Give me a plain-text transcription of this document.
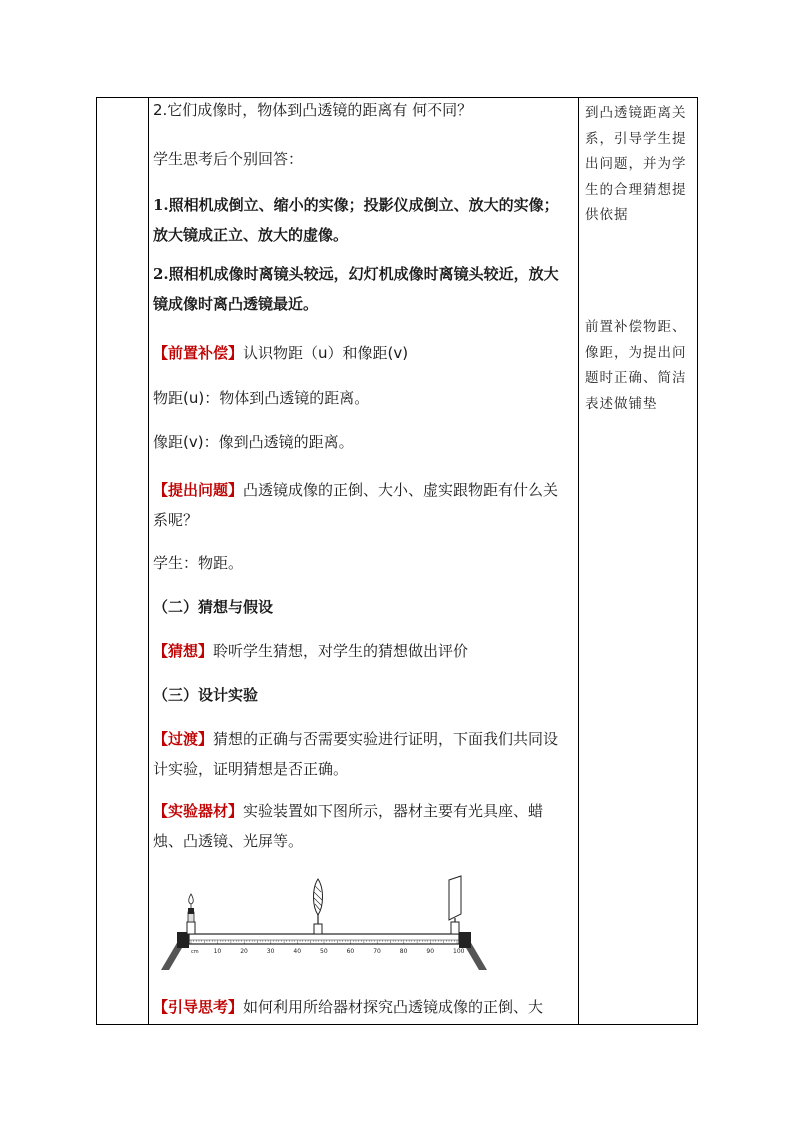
2.它们成像时，物体到凸透镜的距离有 何不同？

学生思考后个别回答：

1.照相机成倒立、缩小的实像；投影仪成倒立、放大的实像；放大镜成正立、放大的虚像。

2.照相机成像时离镜头较远，幻灯机成像时离镜头较近，放大镜成像时离凸透镜最近。

【前置补偿】认识物距（u）和像距(v)

物距(u)：物体到凸透镜的距离。

像距(v)：像到凸透镜的距离。

【提出问题】凸透镜成像的正倒、大小、虚实跟物距有什么关系呢？

学生：物距。

（二）猜想与假设

【猜想】聆听学生猜想，对学生的猜想做出评价

（三）设计实验

【过渡】猜想的正确与否需要实验进行证明，下面我们共同设计实验，证明猜想是否正确。

【实验器材】实验装置如下图所示，器材主要有光具座、蜡烛、凸透镜、光屏等。

10	20	30	40	50	60	70	80	90	100
cm

【引导思考】如何利用所给器材探究凸透镜成像的正倒、大

到凸透镜距离关系，引导学生提出问题，并为学生的合理猜想提供依据

前置补偿物距、像距，为提出问题时正确、简洁表述做铺垫
